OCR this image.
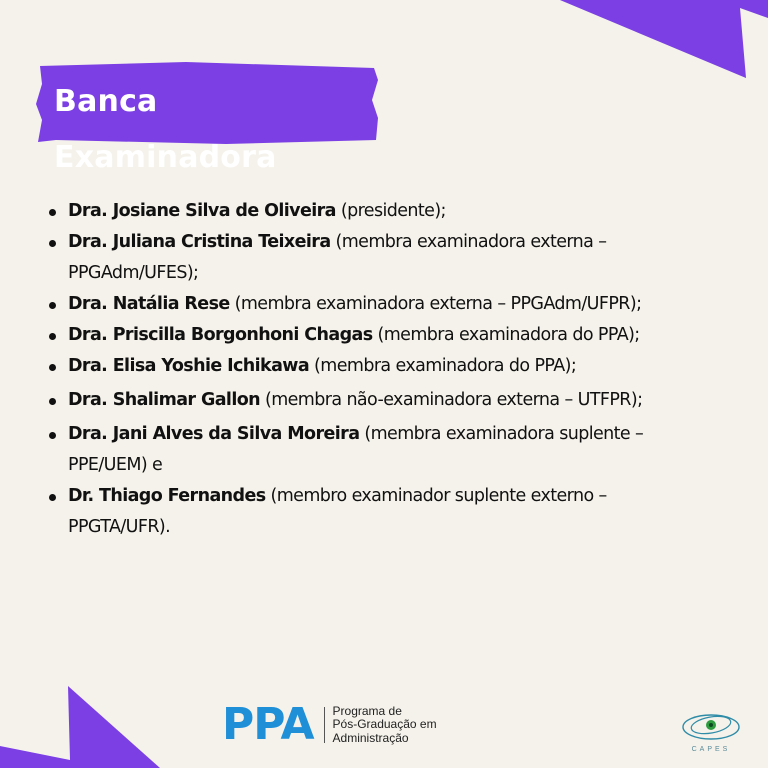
Banca Examinadora
Dra. Josiane Silva de Oliveira (presidente);
Dra. Juliana Cristina Teixeira (membra examinadora externa – PPGAdm/UFES);
Dra. Natália Rese (membra examinadora externa – PPGAdm/UFPR);
Dra. Priscilla Borgonhoni Chagas (membra examinadora do PPA);
Dra. Elisa Yoshie Ichikawa (membra examinadora do PPA);
Dra. Shalimar Gallon (membra não-examinadora externa – UTFPR);
Dra. Jani Alves da Silva Moreira (membra examinadora suplente – PPE/UEM) e
Dr. Thiago Fernandes (membro examinador suplente externo – PPGTA/UFR).
PPA Programa de
Pós-Graduação em
Administração
CAPES
